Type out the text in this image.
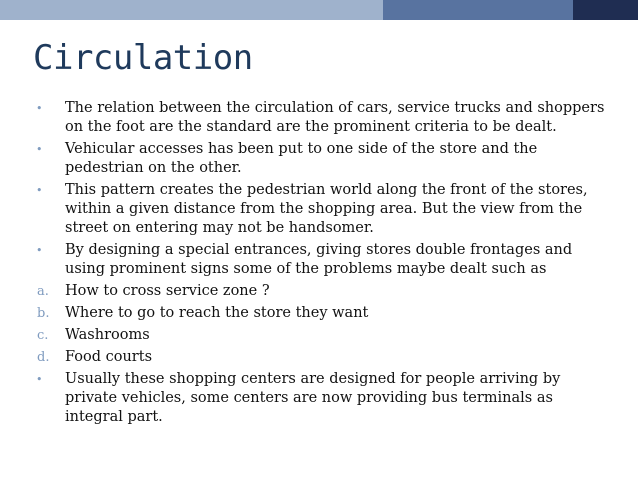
Circulation
• The relation between the circulation of cars, service trucks and shoppers on the foot are the standard are the prominent criteria to be dealt.
• Vehicular accesses has been put to one side of the store and the pedestrian on the other.
• This pattern creates the pedestrian world along the front of the stores, within a given distance from the shopping area. But the view from the street on entering may not be handsomer.
• By designing a special entrances, giving stores double frontages and using prominent signs some of the problems maybe dealt such as
a. How to cross service zone ?
b. Where to go to reach the store they want
c. Washrooms
d. Food courts
• Usually these shopping centers are designed for people arriving by private vehicles, some centers are now providing bus terminals as integral part.
